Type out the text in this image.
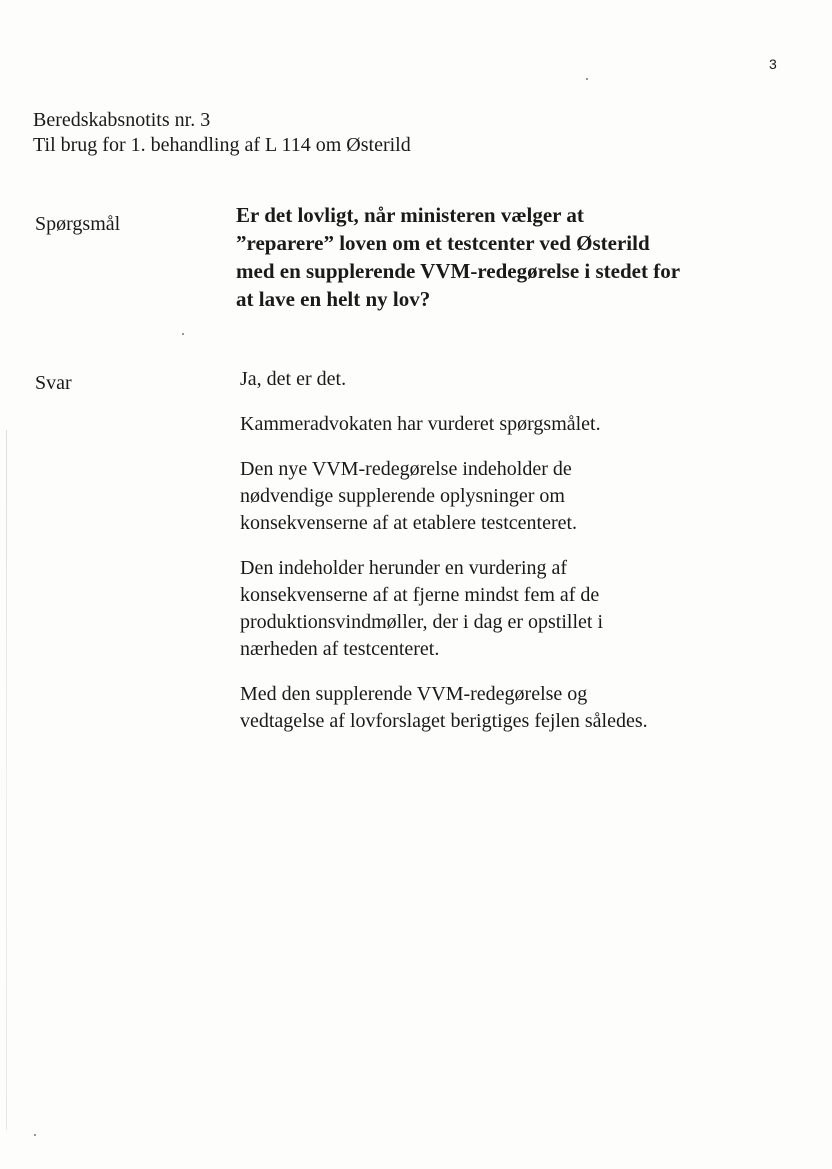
3
Beredskabsnotits nr. 3
Til brug for 1. behandling af L 114 om Østerild
Spørgsmål	Er det lovligt, når ministeren vælger at
”reparere” loven om et testcenter ved Østerild
med en supplerende VVM-redegørelse i stedet for
at lave en helt ny lov?
Svar	Ja, det er det.
Kammeradvokaten har vurderet spørgsmålet.
Den nye VVM-redegørelse indeholder de
nødvendige supplerende oplysninger om
konsekvenserne af at etablere testcenteret.
Den indeholder herunder en vurdering af
konsekvenserne af at fjerne mindst fem af de
produktionsvindmøller, der i dag er opstillet i
nærheden af testcenteret.
Med den supplerende VVM-redegørelse og
vedtagelse af lovforslaget berigtiges fejlen således.
